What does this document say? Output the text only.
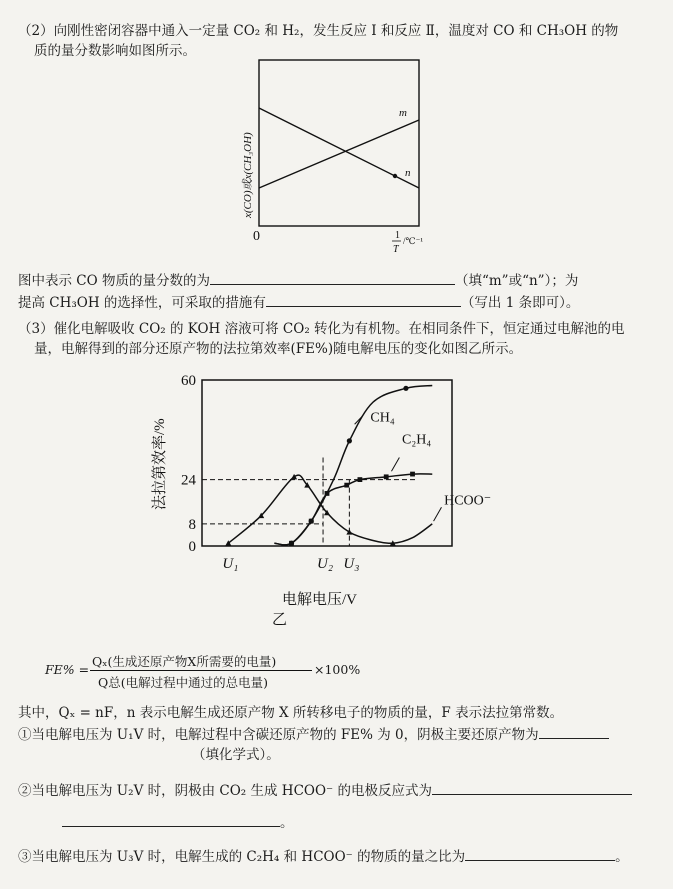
（2）向刚性密闭容器中通入一定量 CO₂ 和 H₂，发生反应 Ⅰ 和反应 Ⅱ，温度对 CO 和 CH₃OH 的物
质的量分数影响如图所示。
m
n
x(CO)或x(CH₃OH)
0	1
T
/℃⁻¹
图中表示 CO 物质的量分数的为	（填“m”或“n”）；为
提高 CH₃OH 的选择性，可采取的措施有	（写出 1 条即可）。
（3）催化电解吸收 CO₂ 的 KOH 溶液可将 CO₂ 转化为有机物。在相同条件下，恒定通过电解池的电
量，电解得到的部分还原产物的法拉第效率(FE%)随电解电压的变化如图乙所示。
0
8
24
60
U₁	U₂ U₃
电解电压/V
法拉第效率/%
乙
CH₄
C₂H₄
HCOO⁻
FE% =
Qₓ(生成还原产物X所需要的电量)
Q总(电解过程中通过的总电量)
×100%
其中，Qₓ = nF，n 表示电解生成还原产物 X 所转移电子的物质的量，F 表示法拉第常数。
①当电解电压为 U₁V 时，电解过程中含碳还原产物的 FE% 为 0，阴极主要还原产物为
（填化学式）。
②当电解电压为 U₂V 时，阴极由 CO₂ 生成 HCOO⁻ 的电极反应式为
。
③当电解电压为 U₃V 时，电解生成的 C₂H₄ 和 HCOO⁻ 的物质的量之比为	。
